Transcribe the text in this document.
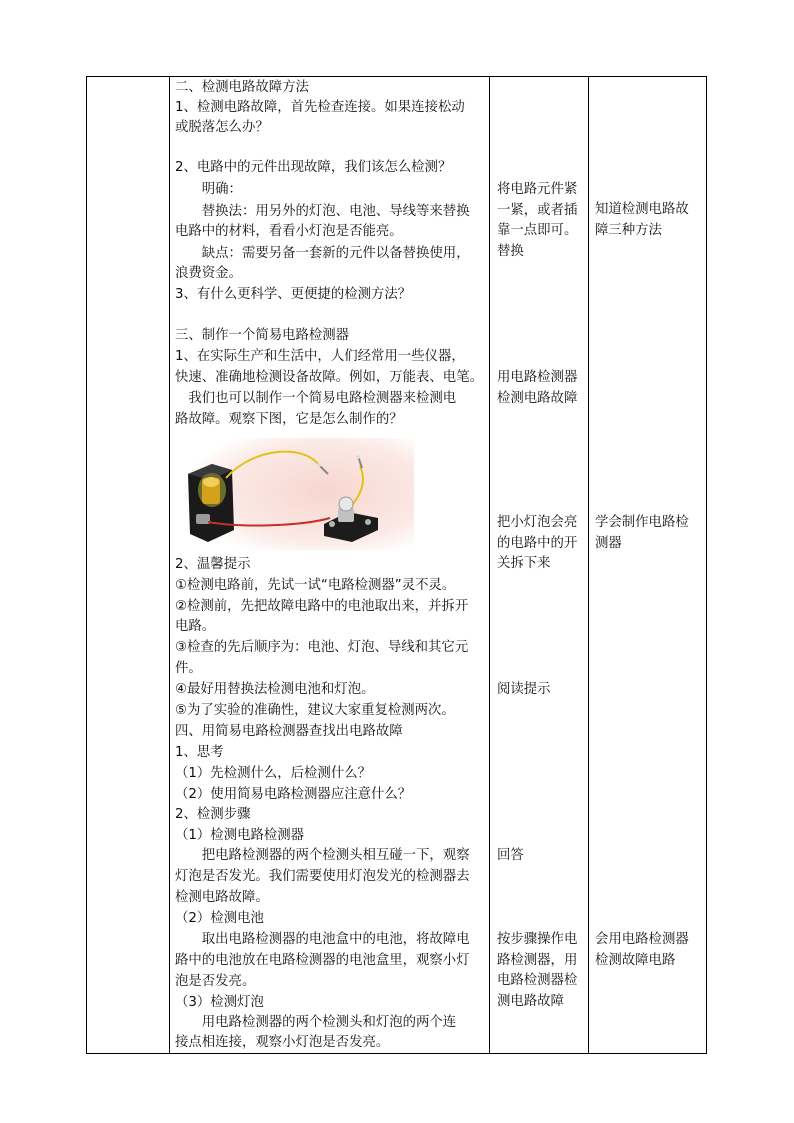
将电路元件紧
一紧，或者插
靠一点即可。
替换
用电路检测器
检测电路故障
把小灯泡会亮
的电路中的开
关拆下来
阅读提示
回答
按步骤操作电
路检测器，用
电路检测器检
测电路故障
知道检测电路故
障三种方法
学会制作电路检
测器
会用电路检测器
检测故障电路
二、检测电路故障方法
1、检测电路故障，首先检查连接。如果连接松动
或脱落怎么办？
2、电路中的元件出现故障，我们该怎么检测？
　　明确：
　　替换法：用另外的灯泡、电池、导线等来替换
电路中的材料，看看小灯泡是否能亮。
　　缺点：需要另备一套新的元件以备替换使用，
浪费资金。
3、有什么更科学、更便捷的检测方法？
三、制作一个简易电路检测器
1、在实际生产和生活中，人们经常用一些仪器，
快速、准确地检测设备故障。例如，万能表、电笔。
　我们也可以制作一个简易电路检测器来检测电
路故障。观察下图，它是怎么制作的？
2、温馨提示
①检测电路前，先试一试“电路检测器”灵不灵。
②检测前，先把故障电路中的电池取出来，并拆开
电路。
③检查的先后顺序为：电池、灯泡、导线和其它元
件。
④最好用替换法检测电池和灯泡。
⑤为了实验的准确性，建议大家重复检测两次。
四、用简易电路检测器查找出电路故障
1、思考
（1）先检测什么，后检测什么？
（2）使用简易电路检测器应注意什么？
2、检测步骤
（1）检测电路检测器
　　把电路检测器的两个检测头相互碰一下，观察
灯泡是否发光。我们需要使用灯泡发光的检测器去
检测电路故障。
（2）检测电池
　　取出电路检测器的电池盒中的电池，将故障电
路中的电池放在电路检测器的电池盒里，观察小灯
泡是否发亮。
（3）检测灯泡
　　用电路检测器的两个检测头和灯泡的两个连
接点相连接，观察小灯泡是否发亮。
